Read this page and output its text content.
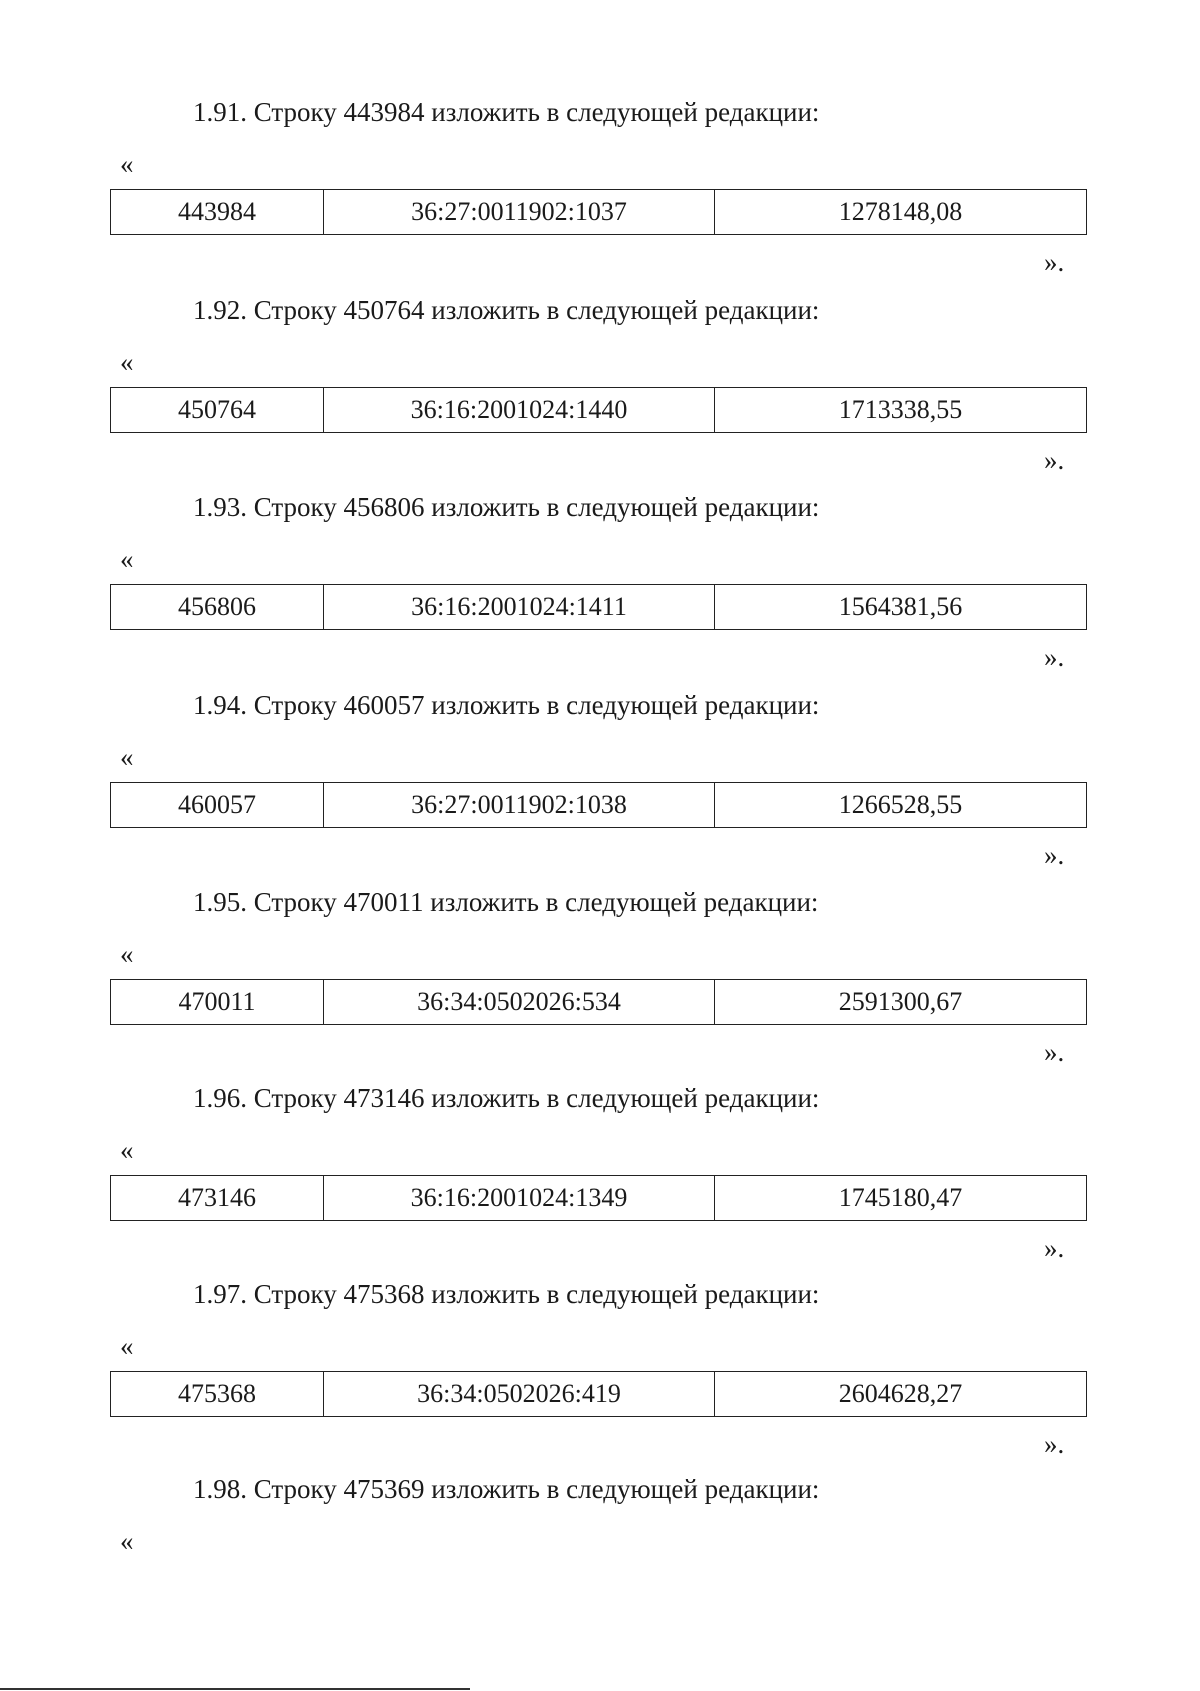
1.91. Строку 443984 изложить в следующей редакции:
«
443984	36:27:0011902:1037	1278148,08
».
1.92. Строку 450764 изложить в следующей редакции:
«
450764	36:16:2001024:1440	1713338,55
».
1.93. Строку 456806 изложить в следующей редакции:
«
456806	36:16:2001024:1411	1564381,56
».
1.94. Строку 460057 изложить в следующей редакции:
«
460057	36:27:0011902:1038	1266528,55
».
1.95. Строку 470011 изложить в следующей редакции:
«
470011	36:34:0502026:534	2591300,67
».
1.96. Строку 473146 изложить в следующей редакции:
«
473146	36:16:2001024:1349	1745180,47
».
1.97. Строку 475368 изложить в следующей редакции:
«
475368	36:34:0502026:419	2604628,27
».
1.98. Строку 475369 изложить в следующей редакции:
«
